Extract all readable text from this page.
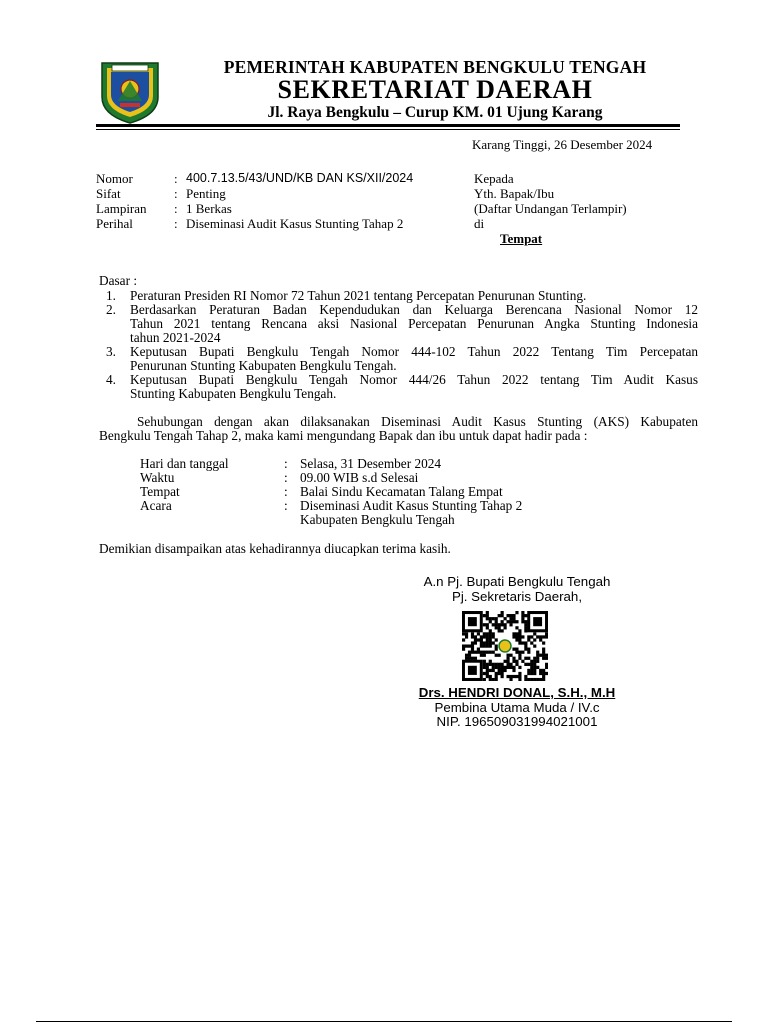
PEMERINTAH KABUPATEN BENGKULU TENGAH
SEKRETARIAT DAERAH
Jl. Raya Bengkulu – Curup KM. 01 Ujung Karang
Karang Tinggi, 26 Desember 2024
Nomor	: 400.7.13.5/43/UND/KB DAN KS/XII/2024
Sifat	: Penting
Lampiran : 1 Berkas
Perihal	: Diseminasi Audit Kasus Stunting Tahap 2
Kepada
Yth. Bapak/Ibu
(Daftar Undangan Terlampir)
di
Tempat
Dasar :
1. Peraturan Presiden RI Nomor 72 Tahun 2021 tentang Percepatan Penurunan Stunting.
2. Berdasarkan Peraturan Badan Kependudukan dan Keluarga Berencana Nasional Nomor 12
Tahun 2021 tentang Rencana aksi Nasional Percepatan Penurunan Angka Stunting Indonesia
tahun 2021-2024
3. Keputusan Bupati Bengkulu Tengah Nomor 444-102 Tahun 2022 Tentang Tim Percepatan
Penurunan Stunting Kabupaten Bengkulu Tengah.
4. Keputusan Bupati Bengkulu Tengah Nomor 444/26 Tahun 2022 tentang Tim Audit Kasus
Stunting Kabupaten Bengkulu Tengah.
Sehubungan dengan akan dilaksanakan Diseminasi Audit Kasus Stunting (AKS) Kabupaten
Bengkulu Tengah Tahap 2, maka kami mengundang Bapak dan ibu untuk dapat hadir pada :
Hari dan tanggal	: Selasa, 31 Desember 2024
Waktu	: 09.00 WIB s.d Selesai
Tempat	: Balai Sindu Kecamatan Talang Empat
Acara	: Diseminasi Audit Kasus Stunting Tahap 2
Kabupaten Bengkulu Tengah
Demikian disampaikan atas kehadirannya diucapkan terima kasih.
A.n Pj. Bupati Bengkulu Tengah
Pj. Sekretaris Daerah,
Drs. HENDRI DONAL, S.H., M.H
Pembina Utama Muda / IV.c
NIP. 196509031994021001
